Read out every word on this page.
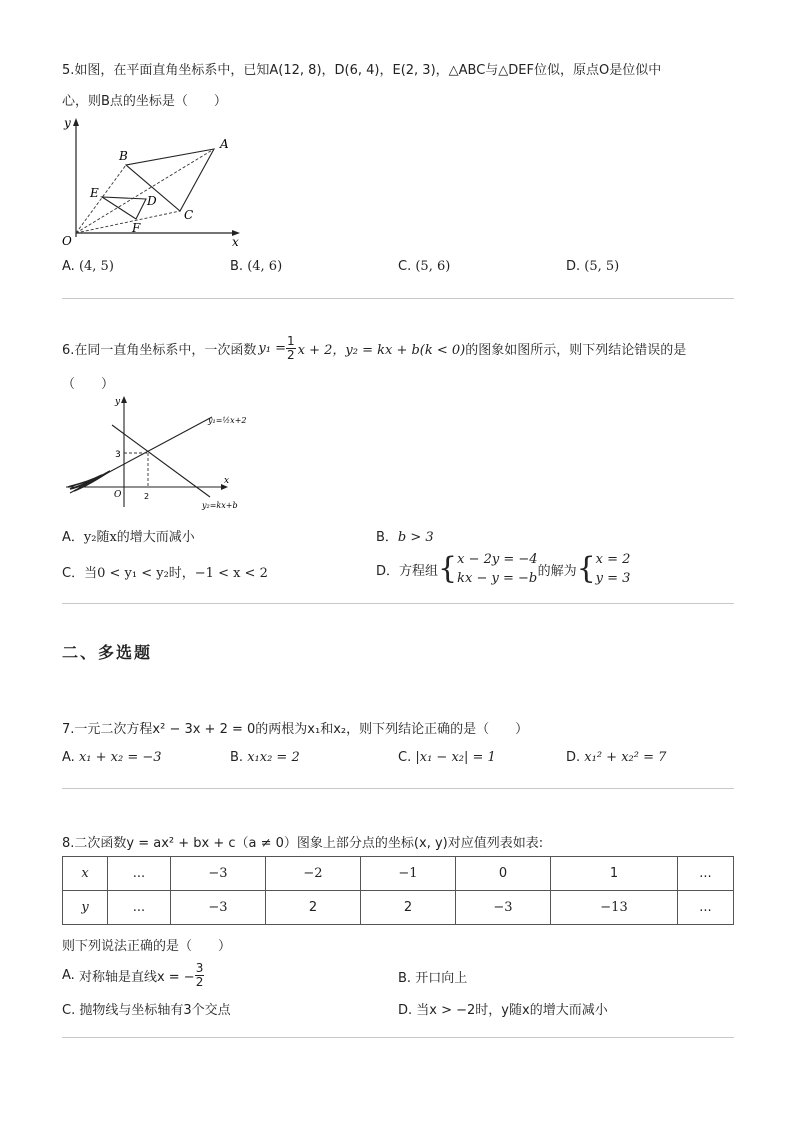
5.如图，在平面直角坐标系中，已知A(12, 8)，D(6, 4)，E(2, 3)，△ABC与△DEF位似，原点O是位似中
心，则B点的坐标是（　　）
y
x
O
A
B
C
D
E
F
A. (4, 5)	B. (4, 6)	C. (5, 6)	D. (5, 5)
6.在同一直角坐标系中，一次函数 $y_1 = \frac{1}{2}$ x + 2，y₂ = kx + b(k < 0) 的图象如图所示，则下列结论错误的是
（　　）
y
x
O
3
2
y₁=½x+2
y₂=kx+b
A．y₂随x的增大而减小	B．b > 3
C．当0 < y₁ < y₂时，−1 < x < 2	D． 方程组 { x − 2y = −4
kx − y = −b 的解为 { x = 2
y = 3
二、多选题
7.一元二次方程x² − 3x + 2 = 0的两根为x₁和x₂，则下列结论正确的是（　　）
A. x₁ + x₂ = −3	B. x₁x₂ = 2	C. |x₁ − x₂| = 1	D. x₁² + x₂² = 7
8.二次函数y = ax² + bx + c（a ≠ 0）图象上部分点的坐标(x, y)对应值列表如表:
x	...	−3	−2	−1	0	1	...
y	...	−3	2	2	−3	−13	...
则下列说法正确的是（　　）
A.
对称轴是直线x = − $\frac{3}{2}$	B. 开口向上
C. 抛物线与坐标轴有3个交点	D. 当x > −2时，y随x的增大而减小
